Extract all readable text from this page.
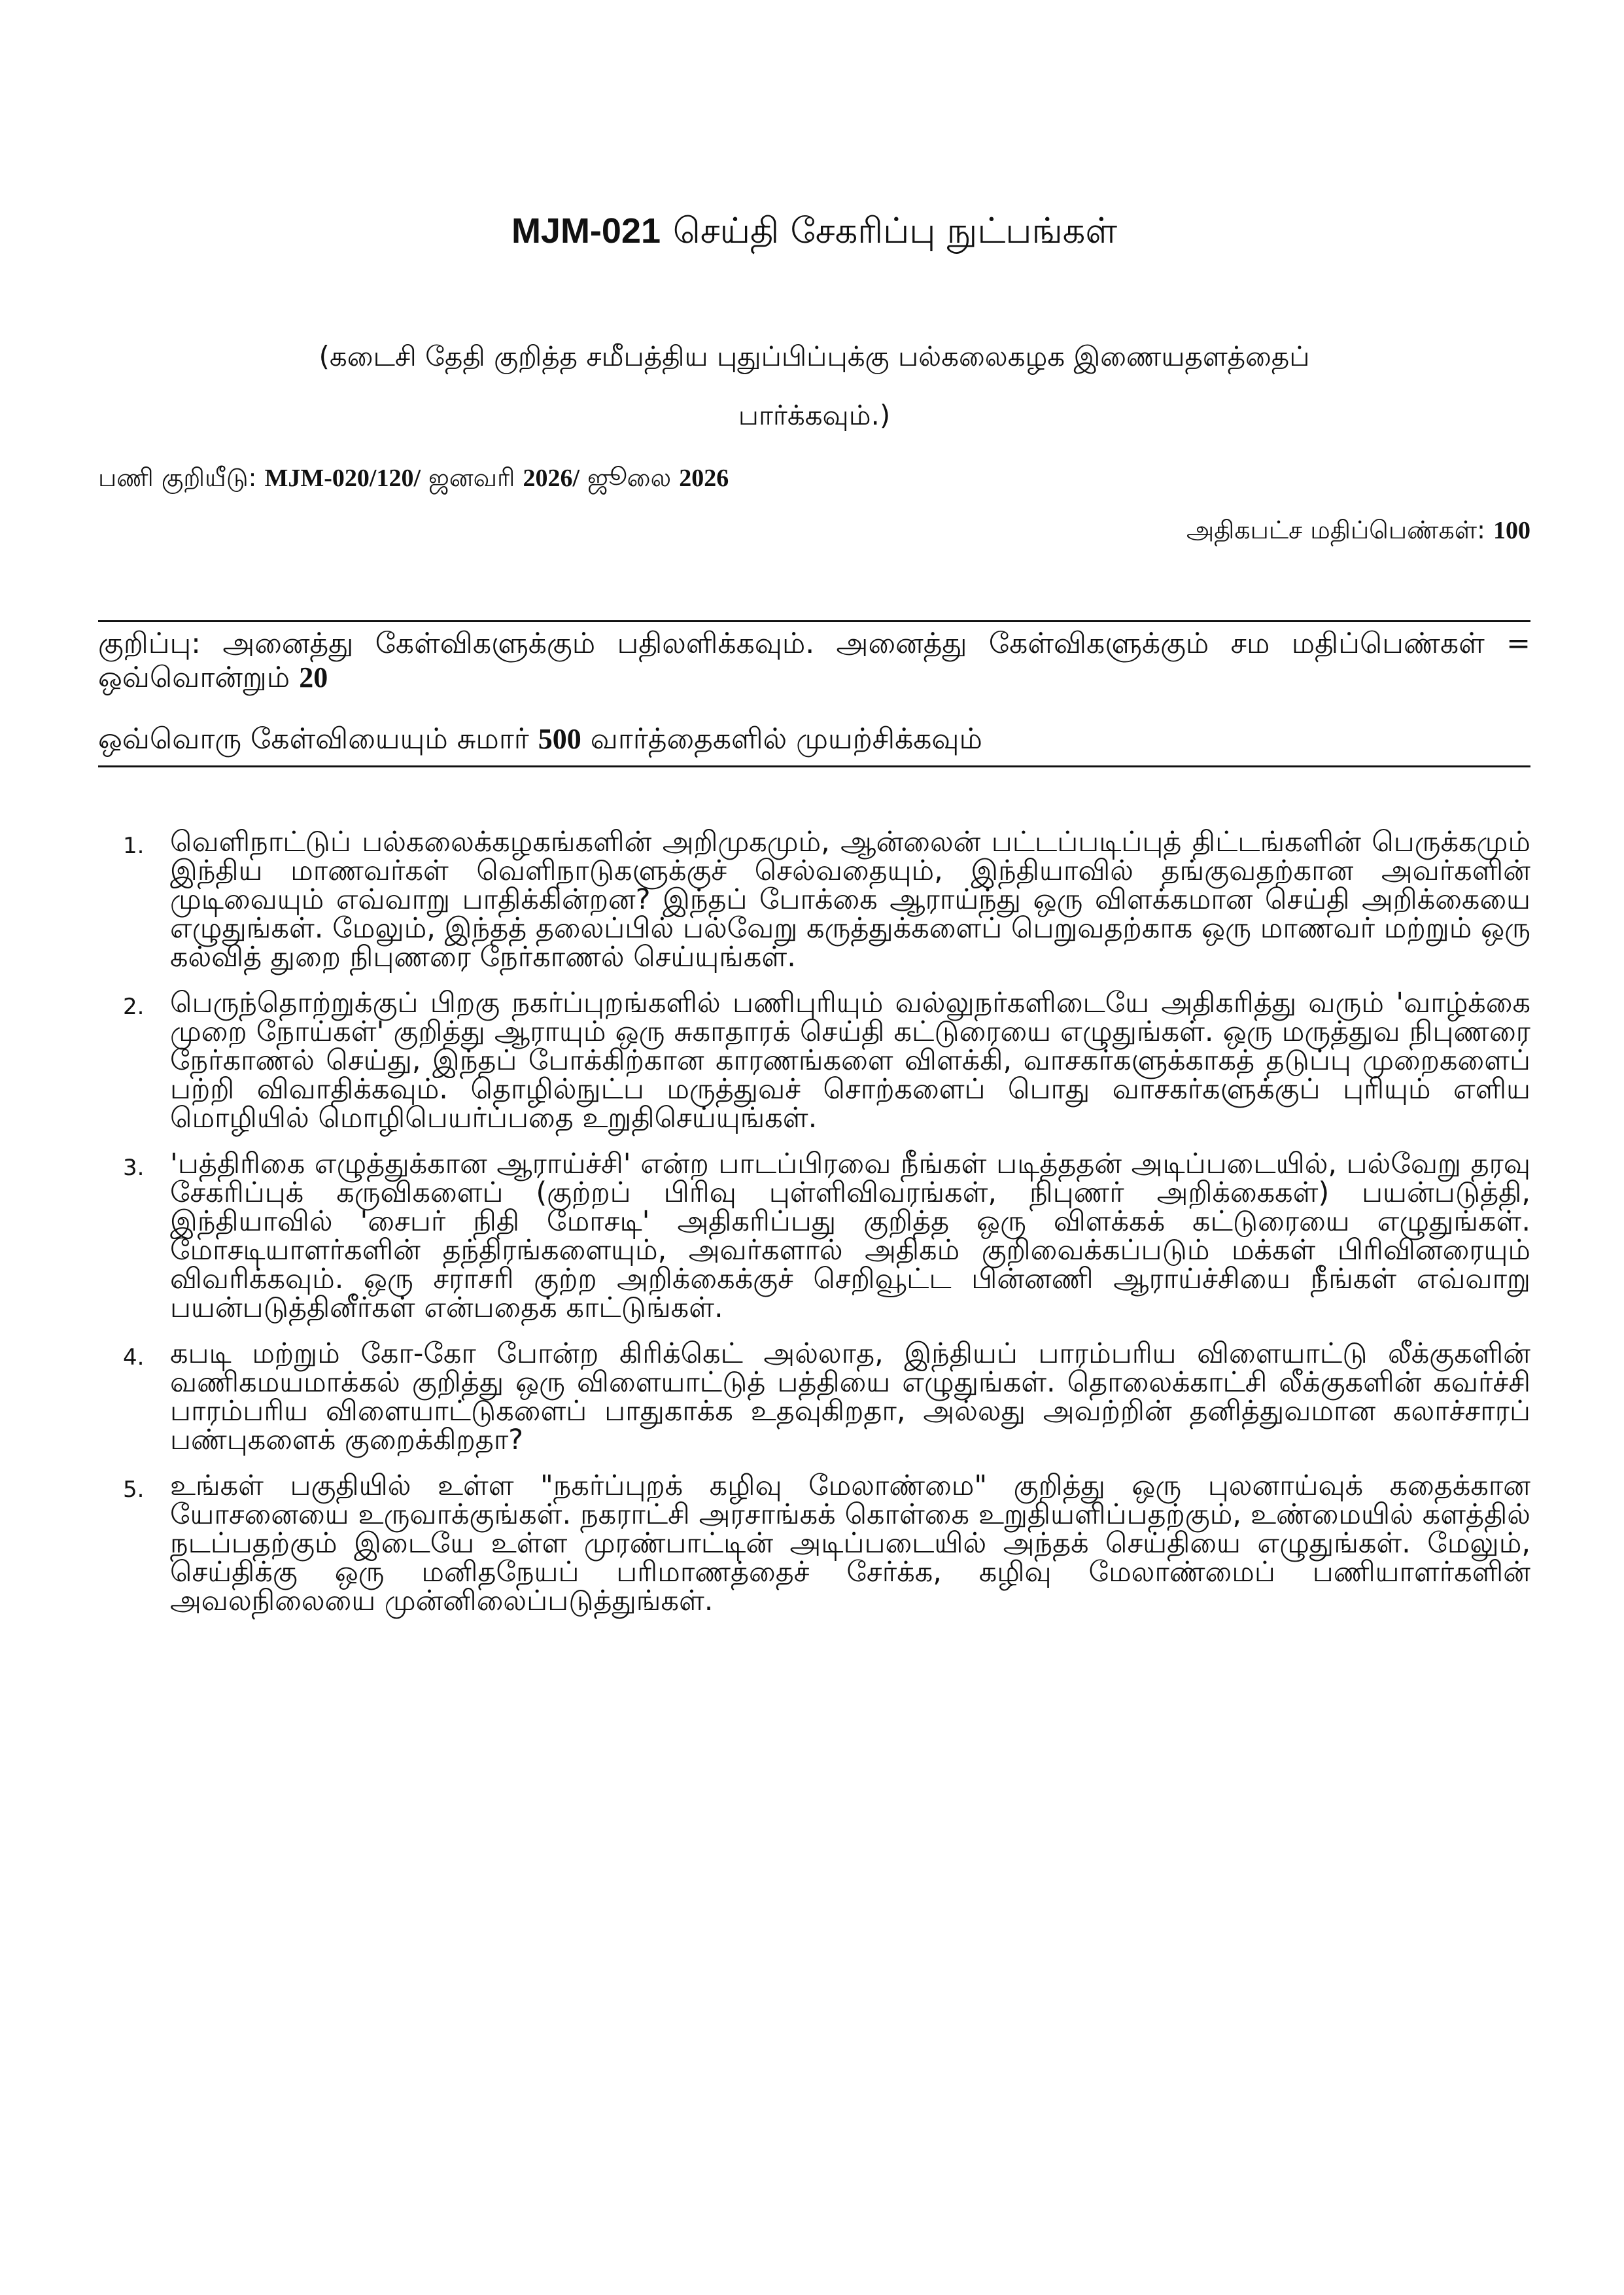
MJM-021 செய்தி சேகரிப்பு நுட்பங்கள்
(கடைசி தேதி குறித்த சமீபத்திய புதுப்பிப்புக்கு பல்கலைகழக இணையதளத்தைப் பார்க்கவும்.)
பணி குறியீடு: MJM-020/120/ ஜனவரி 2026/ ஜூலை 2026
அதிகபட்ச மதிப்பெண்கள்: 100
குறிப்பு: அனைத்து கேள்விகளுக்கும் பதிலளிக்கவும். அனைத்து கேள்விகளுக்கும் சம மதிப்பெண்கள் = ஒவ்வொன்றும் 20
ஒவ்வொரு கேள்வியையும் சுமார் 500 வார்த்தைகளில் முயற்சிக்கவும்
1. வெளிநாட்டுப் பல்கலைக்கழகங்களின் அறிமுகமும், ஆன்லைன் பட்டப்படிப்புத் திட்டங்களின் பெருக்கமும் இந்திய மாணவர்கள் வெளிநாடுகளுக்குச் செல்வதையும், இந்தியாவில் தங்குவதற்கான அவர்களின் முடிவையும் எவ்வாறு பாதிக்கின்றன? இந்தப் போக்கை ஆராய்ந்து ஒரு விளக்கமான செய்தி அறிக்கையை எழுதுங்கள். மேலும், இந்தத் தலைப்பில் பல்வேறு கருத்துக்களைப் பெறுவதற்காக ஒரு மாணவர் மற்றும் ஒரு கல்வித் துறை நிபுணரை நேர்காணல் செய்யுங்கள்.
2. பெருந்தொற்றுக்குப் பிறகு நகர்ப்புறங்களில் பணிபுரியும் வல்லுநர்களிடையே அதிகரித்து வரும் 'வாழ்க்கை முறை நோய்கள்' குறித்து ஆராயும் ஒரு சுகாதாரக் செய்தி கட்டுரையை எழுதுங்கள். ஒரு மருத்துவ நிபுணரை நேர்காணல் செய்து, இந்தப் போக்கிற்கான காரணங்களை விளக்கி, வாசகர்களுக்காகத் தடுப்பு முறைகளைப் பற்றி விவாதிக்கவும். தொழில்நுட்ப மருத்துவச் சொற்களைப் பொது வாசகர்களுக்குப் புரியும் எளிய மொழியில் மொழிபெயர்ப்பதை உறுதிசெய்யுங்கள்.
3. 'பத்திரிகை எழுத்துக்கான ஆராய்ச்சி' என்ற பாடப்பிரவை நீங்கள் படித்ததன் அடிப்படையில், பல்வேறு தரவு சேகரிப்புக் கருவிகளைப் (குற்றப் பிரிவு புள்ளிவிவரங்கள், நிபுணர் அறிக்கைகள்) பயன்படுத்தி, இந்தியாவில் 'சைபர் நிதி மோசடி' அதிகரிப்பது குறித்த ஒரு விளக்கக் கட்டுரையை எழுதுங்கள். மோசடியாளர்களின் தந்திரங்களையும், அவர்களால் அதிகம் குறிவைக்கப்படும் மக்கள் பிரிவினரையும் விவரிக்கவும். ஒரு சராசரி குற்ற அறிக்கைக்குச் செறிவூட்ட பின்னணி ஆராய்ச்சியை நீங்கள் எவ்வாறு பயன்படுத்தினீர்கள் என்பதைக் காட்டுங்கள்.
4. கபடி மற்றும் கோ-கோ போன்ற கிரிக்கெட் அல்லாத, இந்தியப் பாரம்பரிய விளையாட்டு லீக்குகளின் வணிகமயமாக்கல் குறித்து ஒரு விளையாட்டுத் பத்தியை எழுதுங்கள். தொலைக்காட்சி லீக்குகளின் கவர்ச்சி பாரம்பரிய விளையாட்டுகளைப் பாதுகாக்க உதவுகிறதா, அல்லது அவற்றின் தனித்துவமான கலாச்சாரப் பண்புகளைக் குறைக்கிறதா?
5. உங்கள் பகுதியில் உள்ள "நகர்ப்புறக் கழிவு மேலாண்மை" குறித்து ஒரு புலனாய்வுக் கதைக்கான யோசனையை உருவாக்குங்கள். நகராட்சி அரசாங்கக் கொள்கை உறுதியளிப்பதற்கும், உண்மையில் களத்தில் நடப்பதற்கும் இடையே உள்ள முரண்பாட்டின் அடிப்படையில் அந்தக் செய்தியை எழுதுங்கள். மேலும், செய்திக்கு ஒரு மனிதநேயப் பரிமாணத்தைச் சேர்க்க, கழிவு மேலாண்மைப் பணியாளர்களின் அவலநிலையை முன்னிலைப்படுத்துங்கள்.
